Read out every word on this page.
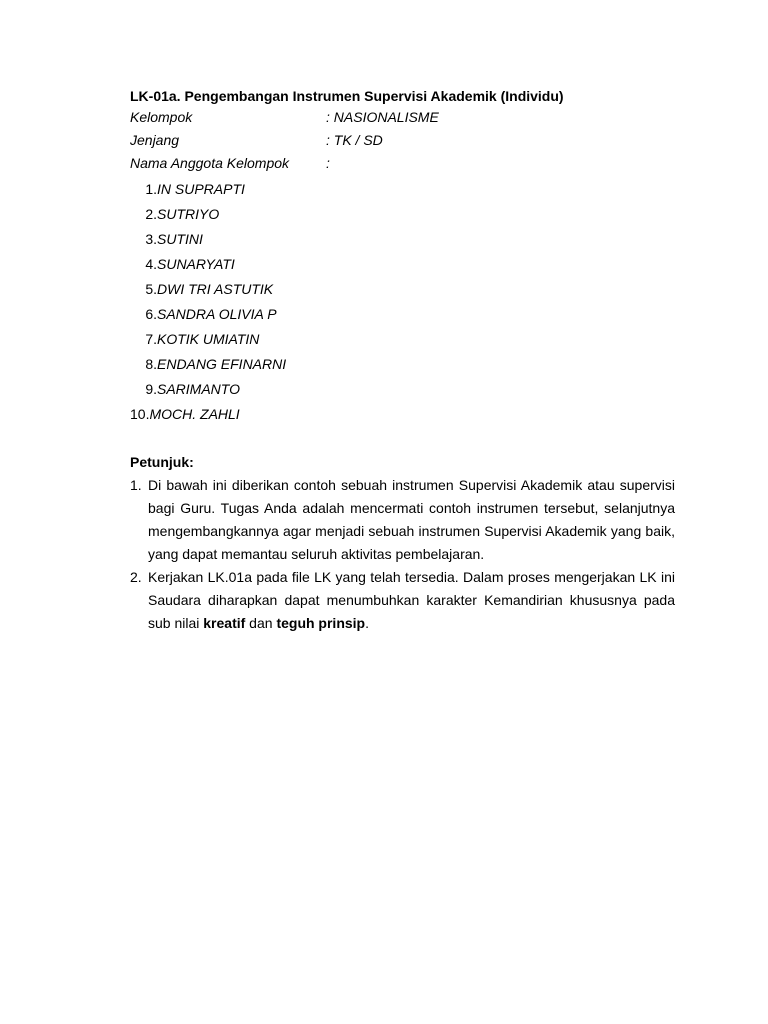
LK-01a. Pengembangan Instrumen Supervisi Akademik (Individu)
Kelompok	: NASIONALISME
Jenjang	: TK / SD
Nama Anggota Kelompok	:
1. IN SUPRAPTI
2. SUTRIYO
3. SUTINI
4. SUNARYATI
5. DWI TRI ASTUTIK
6. SANDRA OLIVIA P
7. KOTIK UMIATIN
8. ENDANG EFINARNI
9. SARIMANTO
10. MOCH. ZAHLI
Petunjuk:
1. Di bawah ini diberikan contoh sebuah instrumen Supervisi Akademik atau supervisi bagi Guru. Tugas Anda adalah mencermati contoh instrumen tersebut, selanjutnya mengembangkannya agar menjadi sebuah instrumen Supervisi Akademik yang baik, yang dapat memantau seluruh aktivitas pembelajaran.
2. Kerjakan LK.01a pada file LK yang telah tersedia. Dalam proses mengerjakan LK ini Saudara diharapkan dapat menumbuhkan karakter Kemandirian khususnya pada sub nilai kreatif dan teguh prinsip.
